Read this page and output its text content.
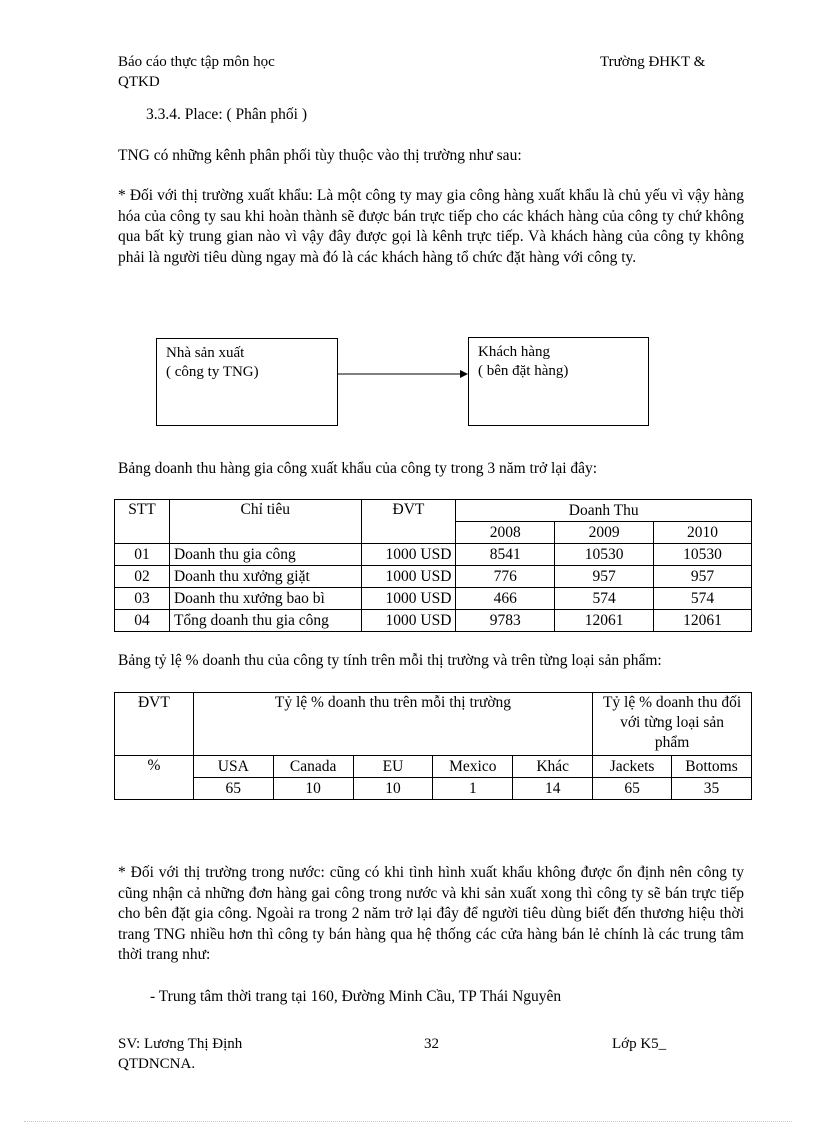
Báo cáo thực tập môn học
QTKD
Trường ĐHKT &
3.3.4. Place: ( Phân phối )
TNG có những kênh phân phối tùy thuộc vào thị trường như sau:
* Đối với thị trường xuất khẩu: Là một công ty may gia công hàng xuất khẩu là chủ yếu vì vậy hàng hóa của công ty sau khi hoàn thành sẽ được bán trực tiếp cho các khách hàng của công ty chứ không qua bất kỳ trung gian nào vì vậy đây được gọi là kênh trực tiếp. Và khách hàng của công ty không phải là người tiêu dùng ngay mà đó là các khách hàng tổ chức đặt hàng với công ty.
Nhà sản xuất
( công ty TNG)
Khách hàng
( bên đặt hàng)
Bảng doanh thu hàng gia công xuất khẩu của công ty trong 3 năm trở lại đây:
STT	Chỉ tiêu	ĐVT	Doanh Thu		
			2008	2009	2010
01	Doanh thu gia công	1000 USD	8541	10530	10530
02	Doanh thu xưởng giặt	1000 USD	776	957	957
03	Doanh thu xưởng bao bì	1000 USD	466	574	574
04	Tổng doanh thu gia công	1000 USD	9783	12061	12061
Bảng tỷ lệ % doanh thu của công ty tính trên mỗi thị trường và trên từng loại sản phẩm:
ĐVT	Tỷ lệ % doanh thu trên mỗi thị trường					Tỷ lệ % doanh thu đối với từng loại sản phẩm	
%	USA	Canada	EU	Mexico	Khác	Jackets	Bottoms
	65	10	10	1	14	65	35
* Đối với thị trường trong nước: cũng có khi tình hình xuất khẩu không được ổn định nên công ty cũng nhận cả những đơn hàng gai công trong nước và khi sản xuất xong thì công ty sẽ bán trực tiếp cho bên đặt gia công. Ngoài ra trong 2 năm trở lại đây để người tiêu dùng biết đến thương hiệu thời trang TNG nhiều hơn thì công ty bán hàng qua hệ thống các cửa hàng bán lẻ chính là các trung tâm thời trang như:
- Trung tâm thời trang tại 160, Đường Minh Cầu, TP Thái Nguyên
SV: Lương Thị Định
QTDNCNA.
32	Lớp K5_
